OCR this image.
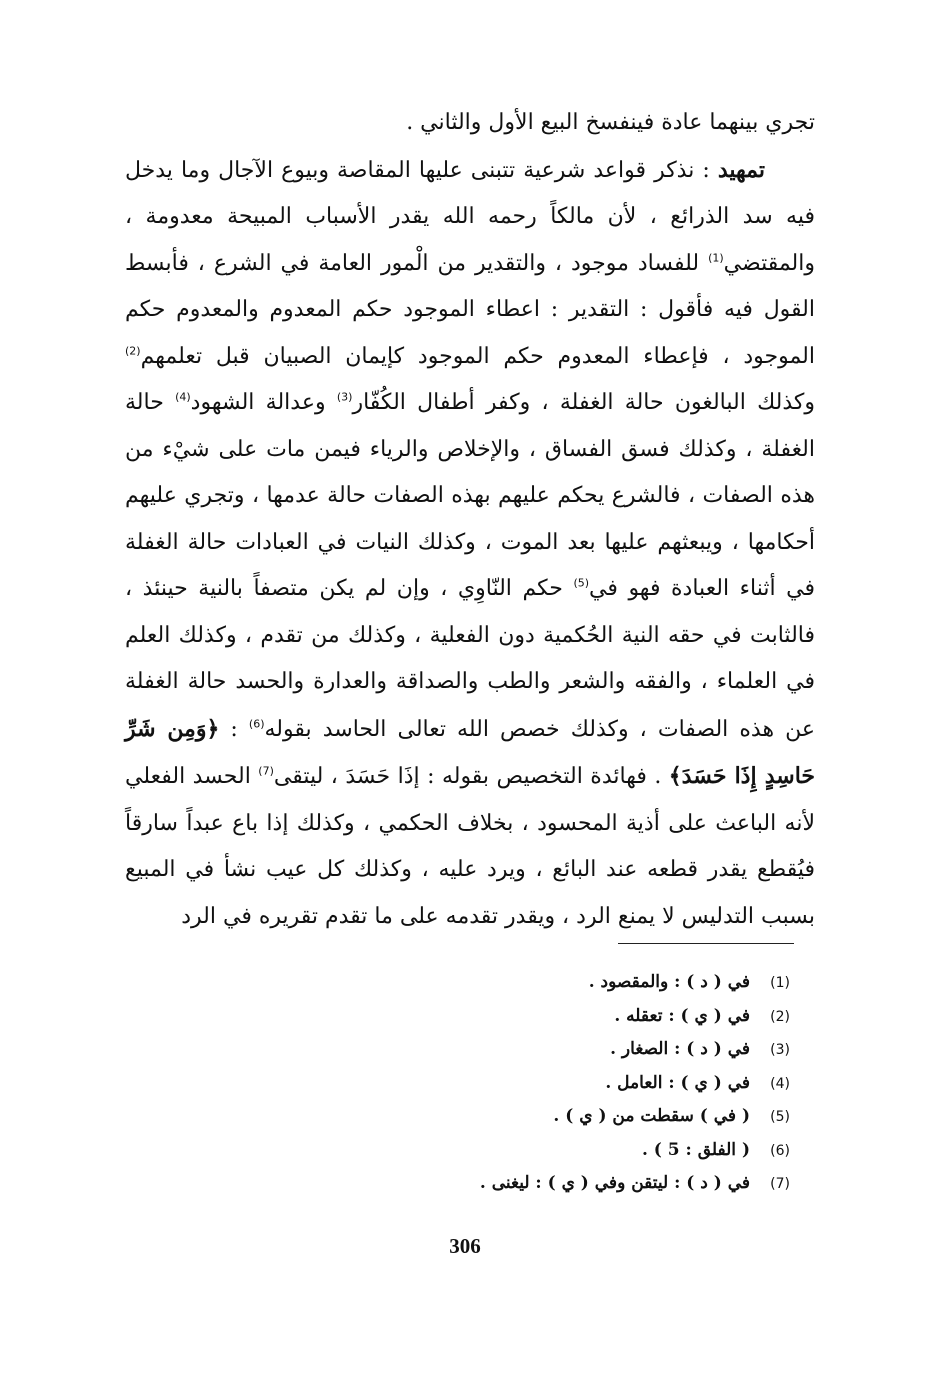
تجري بينهما عادة فينفسخ البيع الأول والثاني .

تمهيد : نذكر قواعد شرعية تتبنى عليها المقاصة وبيوع الآجال وما يدخل فيه سد الذرائع ، لأن مالكاً رحمه الله يقدر الأسباب المبيحة معدومة ، والمقتضي$^{(1)}$ للفساد موجود ، والتقدير من الْمور العامة في الشرع ، فأبسط القول فيه فأقول : التقدير : اعطاء الموجود حكم المعدوم والمعدوم حكم الموجود ، فإعطاء المعدوم حكم الموجود كإيمان الصبيان قبل تعلمهم$^{(2)}$ وكذلك البالغون حالة الغفلة ، وكفر أطفال الكُفّار$^{(3)}$ وعدالة الشهود$^{(4)}$ حالة الغفلة ، وكذلك فسق الفساق ، والإخلاص والرياء فيمن مات على شيْء من هذه الصفات ، فالشرع يحكم عليهم بهذه الصفات حالة عدمها ، وتجري عليهم أحكامها ، ويبعثهم عليها بعد الموت ، وكذلك النيات في العبادات حالة الغفلة في أثناء العبادة فهو في$^{(5)}$ حكم النّاوِي ، وإن لم يكن متصفاً بالنية حينئذ ، فالثابت في حقه النية الحُكمية دون الفعلية ، وكذلك من تقدم ، وكذلك العلم في العلماء ، والفقه والشعر والطب والصداقة والعدارة والحسد حالة الغفلة عن هذه الصفات ، وكذلك خصص الله تعالى الحاسد بقوله$^{(6)}$ : ﴿وَمِن شَرِّ حَاسِدٍ إِذَا حَسَدَ﴾ . فهائدة التخصيص بقوله : إذَا حَسَدَ ، ليتقى$^{(7)}$ الحسد الفعلي لأنه الباعث على أذية المحسود ، بخلاف الحكمي ، وكذلك إذا باع عبداً سارقاً فيُقطع يقدر قطعه عند البائع ، ويرد عليه ، وكذلك كل عيب نشأ في المبيع بسبب التدليس لا يمنع الرد ، ويقدر تقدمه على ما تقدم تقريره في الرد

(1)في ( د ) : والمقصود .
(2)في ( ي ) : تعقله .
(3)في ( د ) : الصغار .
(4)في ( ي ) : العامل .
(5)( في ) سقطت من ( ي ) .
(6)( الفلق : 5 ) .
(7)في ( د ) : ليتقن وفي ( ي ) : ليغنى .
306
